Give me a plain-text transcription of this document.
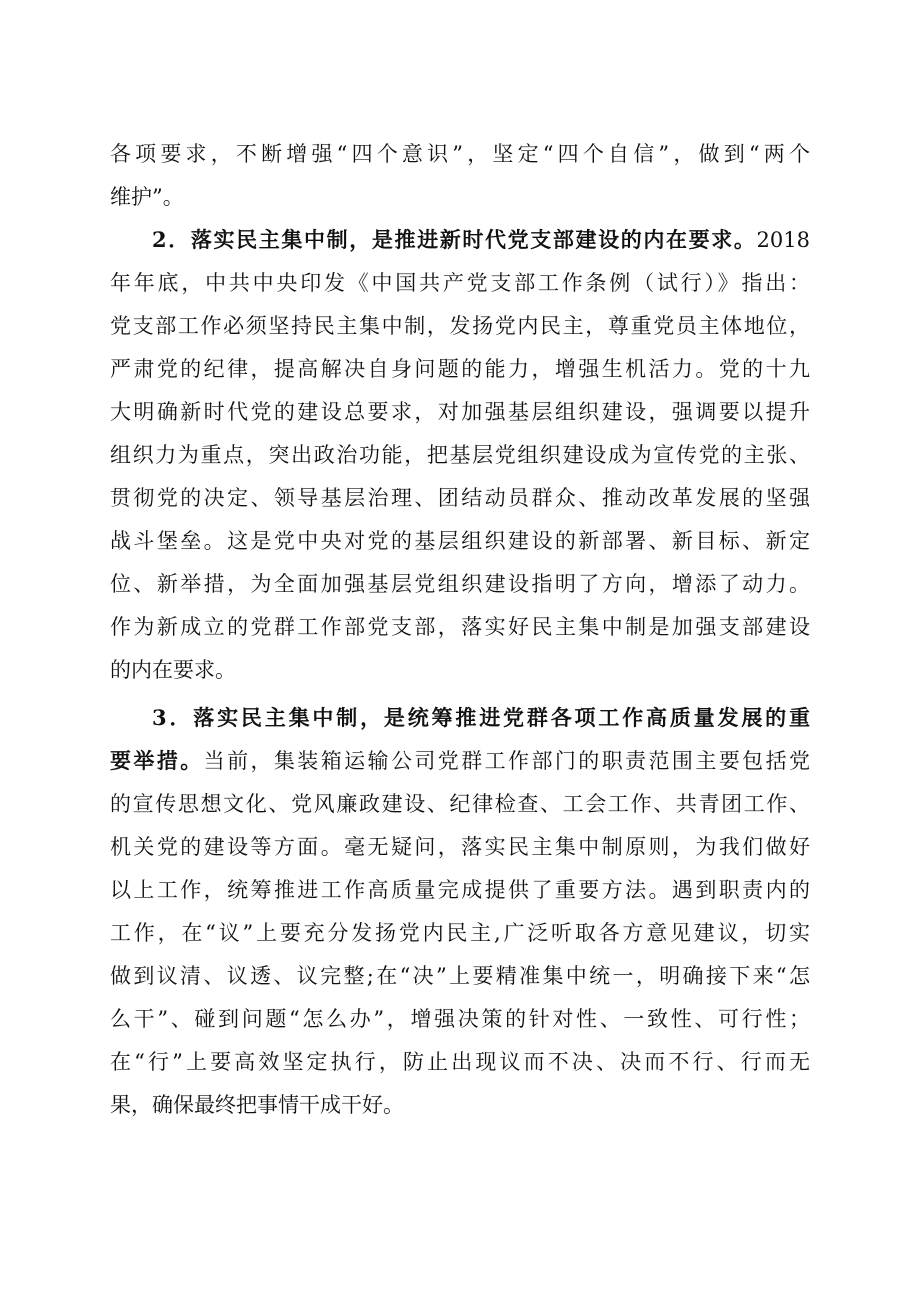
各项要求，不断增强“四个意识”，坚定“四个自信”，做到“两个
维护”。
2．落实民主集中制，是推进新时代党支部建设的内在要求。2018
年年底，中共中央印发《中国共产党支部工作条例（试行）》指出：
党支部工作必须坚持民主集中制，发扬党内民主，尊重党员主体地位，
严肃党的纪律，提高解决自身问题的能力，增强生机活力。党的十九
大明确新时代党的建设总要求，对加强基层组织建设，强调要以提升
组织力为重点，突出政治功能，把基层党组织建设成为宣传党的主张、
贯彻党的决定、领导基层治理、团结动员群众、推动改革发展的坚强
战斗堡垒。这是党中央对党的基层组织建设的新部署、新目标、新定
位、新举措，为全面加强基层党组织建设指明了方向，增添了动力。
作为新成立的党群工作部党支部，落实好民主集中制是加强支部建设
的内在要求。
3．落实民主集中制，是统筹推进党群各项工作高质量发展的重
要举措。当前，集装箱运输公司党群工作部门的职责范围主要包括党
的宣传思想文化、党风廉政建设、纪律检查、工会工作、共青团工作、
机关党的建设等方面。毫无疑问，落实民主集中制原则，为我们做好
以上工作，统筹推进工作高质量完成提供了重要方法。遇到职责内的
工作，在“议”上要充分发扬党内民主,广泛听取各方意见建议，切实
做到议清、议透、议完整;在“决”上要精准集中统一，明确接下来“怎
么干”、碰到问题“怎么办”，增强决策的针对性、一致性、可行性；
在“行”上要高效坚定执行，防止出现议而不决、决而不行、行而无
果，确保最终把事情干成干好。
